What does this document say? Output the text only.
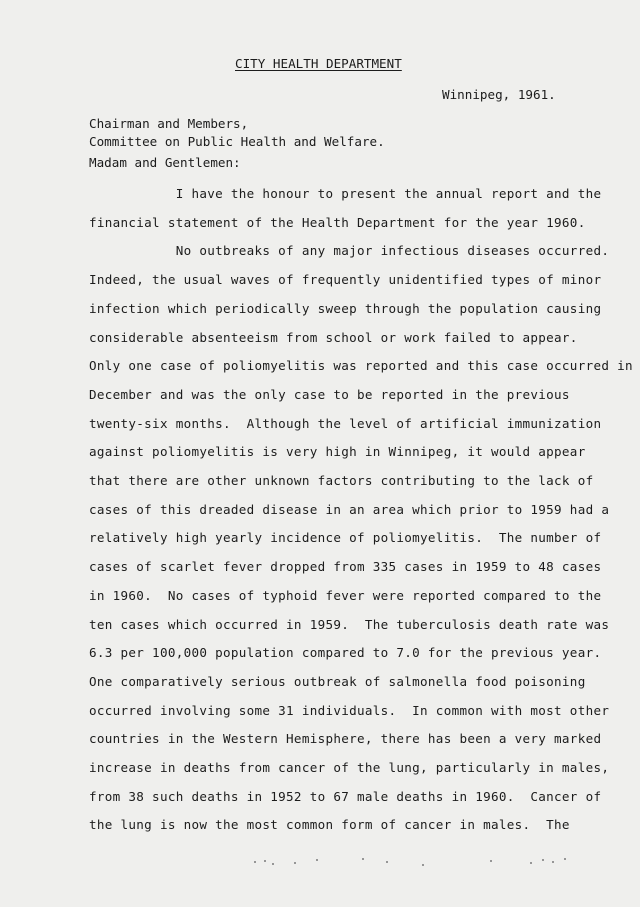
CITY HEALTH DEPARTMENT
Winnipeg, 1961.
Chairman and Members,
Committee on Public Health and Welfare.
Madam and Gentlemen:
I have the honour to present the annual report and the
financial statement of the Health Department for the year 1960.
No outbreaks of any major infectious diseases occurred.
Indeed, the usual waves of frequently unidentified types of minor
infection which periodically sweep through the population causing
considerable absenteeism from school or work failed to appear.
Only one case of poliomyelitis was reported and this case occurred in
December and was the only case to be reported in the previous
twenty-six months.  Although the level of artificial immunization
against poliomyelitis is very high in Winnipeg, it would appear
that there are other unknown factors contributing to the lack of
cases of this dreaded disease in an area which prior to 1959 had a
relatively high yearly incidence of poliomyelitis.  The number of
cases of scarlet fever dropped from 335 cases in 1959 to 48 cases
in 1960.  No cases of typhoid fever were reported compared to the
ten cases which occurred in 1959.  The tuberculosis death rate was
6.3 per 100,000 population compared to 7.0 for the previous year.
One comparatively serious outbreak of salmonella food poisoning
occurred involving some 31 individuals.  In common with most other
countries in the Western Hemisphere, there has been a very marked
increase in deaths from cancer of the lung, particularly in males,
from 38 such deaths in 1952 to 67 male deaths in 1960.  Cancer of
the lung is now the most common form of cancer in males.  The
